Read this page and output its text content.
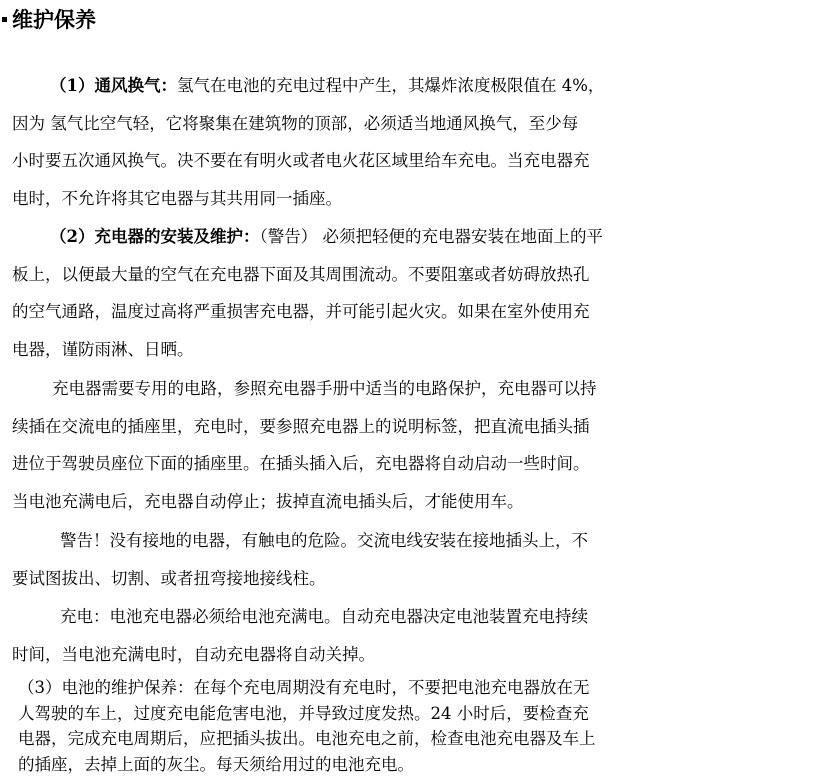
维护保养
（1）通风换气：氢气在电池的充电过程中产生，其爆炸浓度极限值在 4%，
因为 氢气比空气轻，它将聚集在建筑物的顶部，必须适当地通风换气，至少每
小时要五次通风换气。决不要在有明火或者电火花区域里给车充电。当充电器充
电时，不允许将其它电器与其共用同一插座。
（2）充电器的安装及维护：（警告） 必须把轻便的充电器安装在地面上的平
板上，以便最大量的空气在充电器下面及其周围流动。不要阻塞或者妨碍放热孔
的空气通路，温度过高将严重损害充电器，并可能引起火灾。如果在室外使用充
电器，谨防雨淋、日晒。
充电器需要专用的电路，参照充电器手册中适当的电路保护，充电器可以持
续插在交流电的插座里，充电时，要参照充电器上的说明标签，把直流电插头插
进位于驾驶员座位下面的插座里。在插头插入后，充电器将自动启动一些时间。
当电池充满电后，充电器自动停止；拔掉直流电插头后，才能使用车。
警告！没有接地的电器，有触电的危险。交流电线安装在接地插头上，不
要试图拔出、切割、或者扭弯接地接线柱。
充电：电池充电器必须给电池充满电。自动充电器决定电池装置充电持续
时间，当电池充满电时，自动充电器将自动关掉。
（3）电池的维护保养：在每个充电周期没有充电时，不要把电池充电器放在无
人驾驶的车上，过度充电能危害电池，并导致过度发热。24 小时后，要检查充
电器，完成充电周期后，应把插头拔出。电池充电之前，检查电池充电器及车上
的插座，去掉上面的灰尘。每天须给用过的电池充电。
